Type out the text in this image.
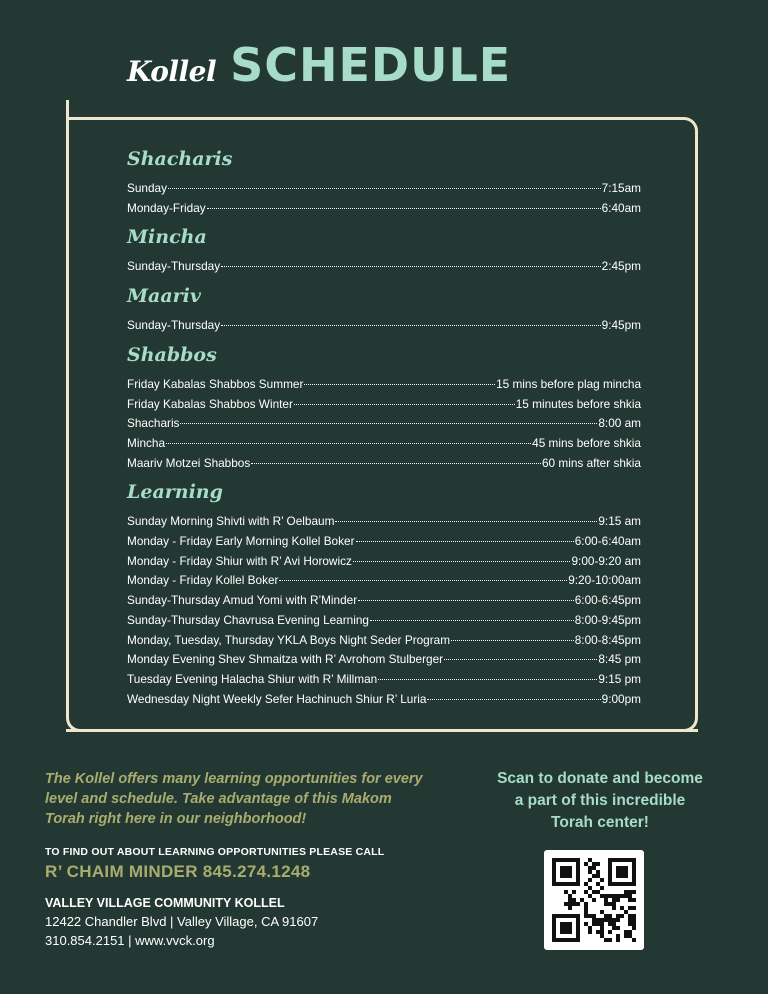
Kollel SCHEDULE
Shacharis
Sunday	7:15am
Monday-Friday	6:40am
Mincha
Sunday-Thursday	2:45pm
Maariv
Sunday-Thursday	9:45pm
Shabbos
Friday Kabalas Shabbos Summer	15 mins before plag mincha
Friday Kabalas Shabbos Winter	15 minutes before shkia
Shacharis	8:00 am
Mincha	45 mins before shkia
Maariv Motzei Shabbos	60 mins after shkia
Learning
Sunday Morning Shivti with R’ Oelbaum	9:15 am
Monday - Friday Early Morning Kollel Boker	6:00-6:40am
Monday - Friday Shiur with R’ Avi Horowicz	9:00-9:20 am
Monday - Friday Kollel Boker	9:20-10:00am
Sunday-Thursday Amud Yomi with R’Minder	6:00-6:45pm
Sunday-Thursday Chavrusa Evening Learning	8:00-9:45pm
Monday, Tuesday, Thursday YKLA Boys Night Seder Program	8:00-8:45pm
Monday Evening Shev Shmaitza with R’ Avrohom Stulberger	8:45 pm
Tuesday Evening Halacha Shiur with R’ Millman	9:15 pm
Wednesday Night Weekly Sefer Hachinuch Shiur R’ Luria	9:00pm
The Kollel offers many learning opportunities for every
level and schedule. Take advantage of this Makom
Torah right here in our neighborhood!
TO FIND OUT ABOUT LEARNING OPPORTUNITIES PLEASE CALL
R’ CHAIM MINDER 845.274.1248
VALLEY VILLAGE COMMUNITY KOLLEL
12422 Chandler Blvd | Valley Village, CA 91607
310.854.2151 | www.vvck.org
Scan to donate and become
a part of this incredible
Torah center!
